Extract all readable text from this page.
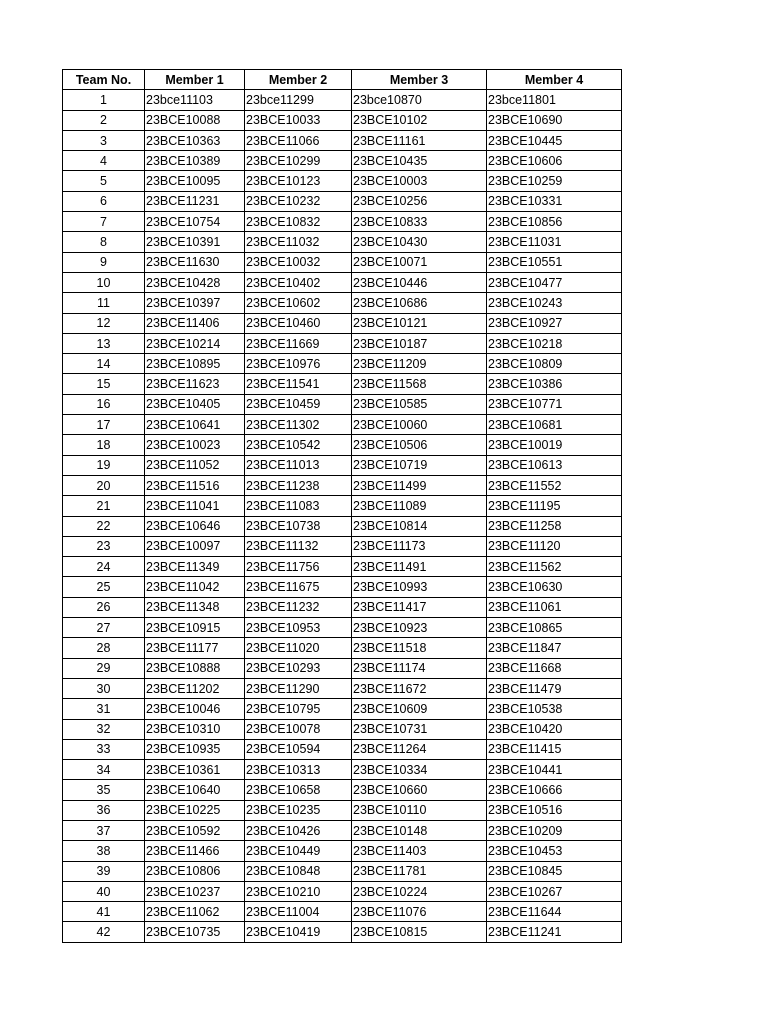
Team No.	Member 1	Member 2	Member 3	Member 4
1	23bce11103	23bce11299	23bce10870	23bce11801
2	23BCE10088	23BCE10033	23BCE10102	23BCE10690
3	23BCE10363	23BCE11066	23BCE11161	23BCE10445
4	23BCE10389	23BCE10299	23BCE10435	23BCE10606
5	23BCE10095	23BCE10123	23BCE10003	23BCE10259
6	23BCE11231	23BCE10232	23BCE10256	23BCE10331
7	23BCE10754	23BCE10832	23BCE10833	23BCE10856
8	23BCE10391	23BCE11032	23BCE10430	23BCE11031
9	23BCE11630	23BCE10032	23BCE10071	23BCE10551
10	23BCE10428	23BCE10402	23BCE10446	23BCE10477
11	23BCE10397	23BCE10602	23BCE10686	23BCE10243
12	23BCE11406	23BCE10460	23BCE10121	23BCE10927
13	23BCE10214	23BCE11669	23BCE10187	23BCE10218
14	23BCE10895	23BCE10976	23BCE11209	23BCE10809
15	23BCE11623	23BCE11541	23BCE11568	23BCE10386
16	23BCE10405	23BCE10459	23BCE10585	23BCE10771
17	23BCE10641	23BCE11302	23BCE10060	23BCE10681
18	23BCE10023	23BCE10542	23BCE10506	23BCE10019
19	23BCE11052	23BCE11013	23BCE10719	23BCE10613
20	23BCE11516	23BCE11238	23BCE11499	23BCE11552
21	23BCE11041	23BCE11083	23BCE11089	23BCE11195
22	23BCE10646	23BCE10738	23BCE10814	23BCE11258
23	23BCE10097	23BCE11132	23BCE11173	23BCE11120
24	23BCE11349	23BCE11756	23BCE11491	23BCE11562
25	23BCE11042	23BCE11675	23BCE10993	23BCE10630
26	23BCE11348	23BCE11232	23BCE11417	23BCE11061
27	23BCE10915	23BCE10953	23BCE10923	23BCE10865
28	23BCE11177	23BCE11020	23BCE11518	23BCE11847
29	23BCE10888	23BCE10293	23BCE11174	23BCE11668
30	23BCE11202	23BCE11290	23BCE11672	23BCE11479
31	23BCE10046	23BCE10795	23BCE10609	23BCE10538
32	23BCE10310	23BCE10078	23BCE10731	23BCE10420
33	23BCE10935	23BCE10594	23BCE11264	23BCE11415
34	23BCE10361	23BCE10313	23BCE10334	23BCE10441
35	23BCE10640	23BCE10658	23BCE10660	23BCE10666
36	23BCE10225	23BCE10235	23BCE10110	23BCE10516
37	23BCE10592	23BCE10426	23BCE10148	23BCE10209
38	23BCE11466	23BCE10449	23BCE11403	23BCE10453
39	23BCE10806	23BCE10848	23BCE11781	23BCE10845
40	23BCE10237	23BCE10210	23BCE10224	23BCE10267
41	23BCE11062	23BCE11004	23BCE11076	23BCE11644
42	23BCE10735	23BCE10419	23BCE10815	23BCE11241
